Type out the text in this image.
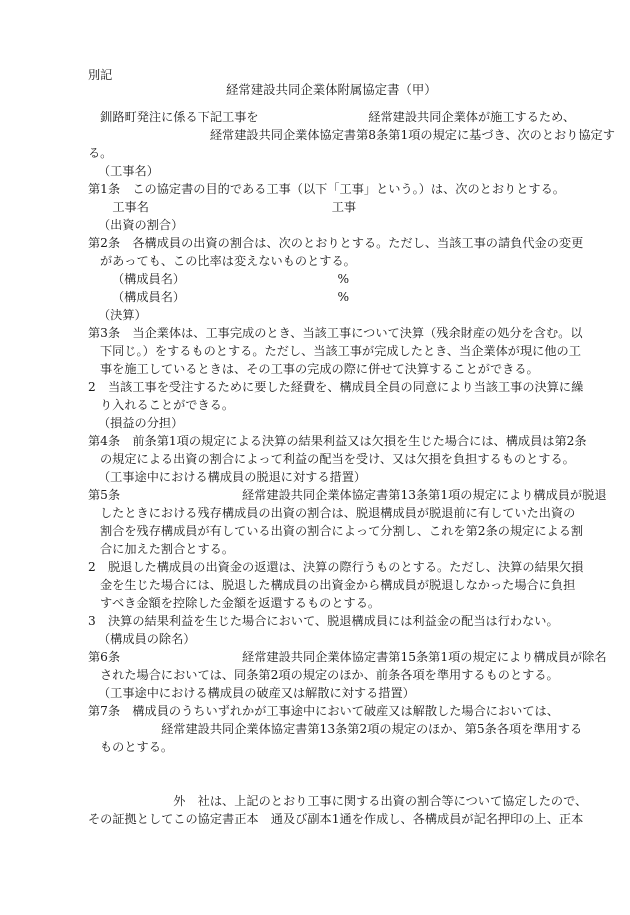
別記
経常建設共同企業体附属協定書（甲）
　釧路町発注に係る下記工事を　　　　　　　　　経常建設共同企業体が施工するため、
　　　　　　　　　　経常建設共同企業体協定書第8条第1項の規定に基づき、次のとおり協定す
る。
（工事名）
第1条　この協定書の目的である工事（以下「工事」という。）は、次のとおりとする。
　　工事名　　　　　　　　　　　　　　　工事
（出資の割合）
第2条　各構成員の出資の割合は、次のとおりとする。ただし、当該工事の請負代金の変更
があっても、この比率は変えないものとする。
（構成員名）　　　　　　　　　　　　　%
（構成員名）　　　　　　　　　　　　　%
（決算）
第3条　当企業体は、工事完成のとき、当該工事について決算（残余財産の処分を含む。以
下同じ。）をするものとする。ただし、当該工事が完成したとき、当企業体が現に他の工
事を施工しているときは、その工事の完成の際に併せて決算することができる。
2　当該工事を受注するために要した経費を、構成員全員の同意により当該工事の決算に繰
り入れることができる。
（損益の分担）
第4条　前条第1項の規定による決算の結果利益又は欠損を生じた場合には、構成員は第2条
の規定による出資の割合によって利益の配当を受け、又は欠損を負担するものとする。
（工事途中における構成員の脱退に対する措置）
第5条　　　　　　　　　　経常建設共同企業体協定書第13条第1項の規定により構成員が脱退
したときにおける残存構成員の出資の割合は、脱退構成員が脱退前に有していた出資の
割合を残存構成員が有している出資の割合によって分割し、これを第2条の規定による割
合に加えた割合とする。
2　脱退した構成員の出資金の返還は、決算の際行うものとする。ただし、決算の結果欠損
金を生じた場合には、脱退した構成員の出資金から構成員が脱退しなかった場合に負担
すべき金額を控除した金額を返還するものとする。
3　決算の結果利益を生じた場合において、脱退構成員には利益金の配当は行わない。
（構成員の除名）
第6条　　　　　　　　　　経常建設共同企業体協定書第15条第1項の規定により構成員が除名
された場合においては、同条第2項の規定のほか、前条各項を準用するものとする。
（工事途中における構成員の破産又は解散に対する措置）
第7条　構成員のうちいずれかが工事途中において破産又は解散した場合においては、
　　　　　　経常建設共同企業体協定書第13条第2項の規定のほか、第5条各項を準用する
ものとする。
　　　　　　　外　社は、上記のとおり工事に関する出資の割合等について協定したので、
その証拠としてこの協定書正本　通及び副本1通を作成し、各構成員が記名押印の上、正本
